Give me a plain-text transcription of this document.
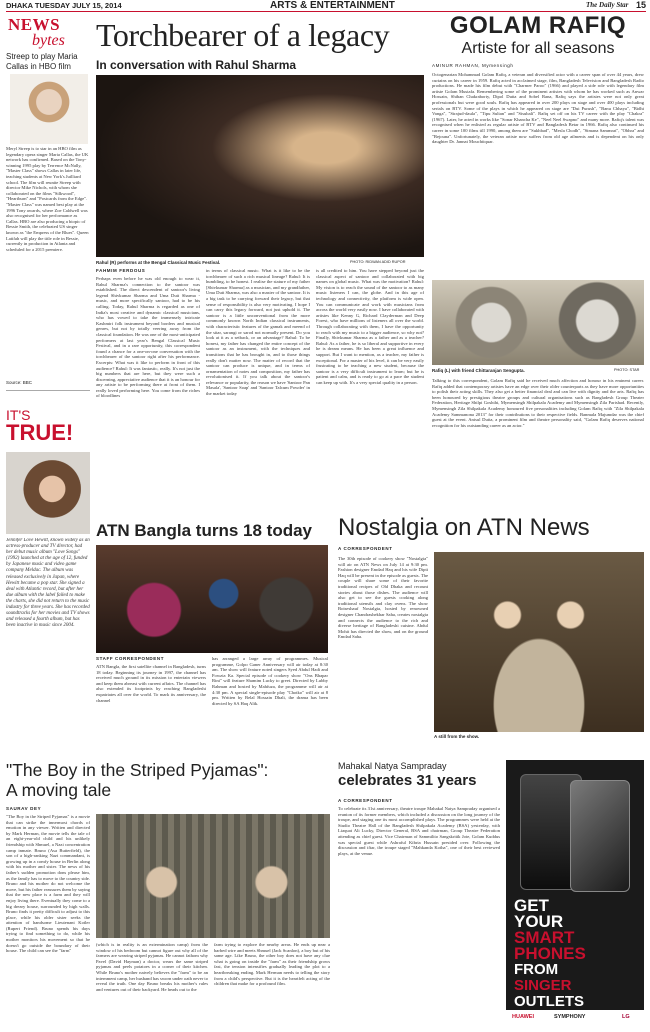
DHAKA TUESDAY JULY 15, 2014	ARTS & ENTERTAINMENT	The Daily Star 15
NEWS
bytes
Streep to play Maria Callas in HBO film
Meryl Streep is to star in an HBO film as legendary opera singer Maria Callas, the UK network has confirmed. Based on the Tony-winning 1995 play by Terrence McNally, "Master Class" shows Callas in later life, teaching students at New York's Juilliard school. The film will reunite Streep with director Mike Nichols, with whom she collaborated on the films "Silkwood", "Heartburn" and "Postcards from the Edge". "Master Class" was named best play at the 1996 Tony awards, where Zoe Caldwell was also recognised for her performance as Callas. HBO are also producing a biopic of Bessie Smith, the celebrated US singer known as "the Empress of the Blues". Queen Latifah will play the title role in Bessie, currently in production in Atlanta and scheduled for a 2015 premiere.
Source: BBC
IT'S
TRUE!
Jennifer Love Hewitt, known widely as an actress-producer and TV director, had her debut music album "Love Songs" (1992) launched at the age of 12, funded by Japanese music and video game company Meldac. The album was released exclusively in Japan, where Hewitt became a pop star. She signed a deal with Atlantic record, but after her due album with the label failed to make the charts, she did not return to the music industry for three years. She has recorded soundtracks for her movies and TV shows and released a fourth album, but has been inactive in music since 2004.
Torchbearer of a legacy
In conversation with Rahul Sharma
Rahul (R) performs at the Bengal Classical Music Festival.	PHOTO: RIDWAN ADID RUPOR
FAHMIM FERDOUS
Perhaps even before he was old enough to wear it, Rahul Sharma's connection to the santoor was established. The direct descendent of santoor's living legend Shivkumar Sharma and Uma Dutt Sharma - music, and more specifically santoor, had to be his calling. Today, Rahul Sharma is regarded as one of India's most creative and dynamic classical musicians, who has vowed to take the immensely intricate Kashmiri folk instrument beyond borders and musical genres, but not by totally veering away from the classical foundation. He was one of the most-anticipated performers at last year's Bengal Classical Music Festival, and in a rare opportunity, this correspondent found a chance for a one-on-one conversation with the torchbearer of the santoor right after his performance. Excerpts: What was it like to perform in front of this audience? Rahul: It was fantastic, really. It's not just the big numbers that are here, but they were such a discerning, appreciative audience that it is an honour for any artiste to be performing there at front of them. I really loved performing here. You come from the riches of bloodlines
in terms of classical music. What is it like to be the torchbearer of such a rich musical lineage? Rahul: It is humbling, to be honest. I realise the stature of my father [Shivkumar Sharma] as a musician, and my grandfather, Uma Dutt Sharma, was also a master of the santoor. It is a big task to be carrying forward their legacy, but that sense of responsibility is also very motivating. I hope I can carry this legacy forward, not just uphold it. The santoor is a little unconventional from the more commonly known North Indian classical instruments, with characteristic features of the gamak and meend of the sitar, sarangi or sarod not normally present. Do you look at it as a setback, or an advantage? Rahul: To be honest, my father has changed the entire concept of the santoor as an instrument, with the techniques and transitions that he has brought in, and to those things really don't matter now. The matter of record that the santoor can produce is unique, and in terms of ornamentation of notes and composition, my father has revolutionised it. If you talk about the santoor's relevance or popularity, the reason we have 'Santoor Pan Masala', 'Santoor Soap' and 'Santoor Talcum Powder' in the market today
is all credited to him. You have stepped beyond just the classical aspect of santoor and collaborated with big names on global music. What was the motivation? Rahul: My vision is to reach the sound of the santoor to as many music listeners I can, the globe. And in this age of technology and connectivity, the platform is wide open. You can communicate and work with musicians from across the world very easily now. I have collaborated with artistes like Kenny G, Richard Clayderman and Deep Forest, who have millions of listeners all over the world. Through collaborating with them, I have the opportunity to reach with my music to a bigger audience, so why not? Finally, Shivkumar Sharma as a father and as a teacher? Rahul: As a father, he is so liberal and supportive in every he is dream means. He has been a great influence and support. But I want to mention, as a teacher, my father is exceptional. For a master of his level, it can be very easily frustrating to be teaching a new student, because the santoor is a very difficult instrument to learn; but he is patient and calm, and is ready to go at a pace the student can keep up with. It's a very special quality in a person.
GOLAM RAFIQ
Artiste for all seasons
AMINUR RAHMAN, Mymensingh
Octogenarian Mohammad Golam Rafiq, a veteran and diversified actor with a career span of over 44 years, drew curtains on his career in 1959. Rafiq acted in acclaimed stage, film, Bangladesh Television and Bangladesh Radio productions. He made his film debut with "Charmer Paroo" (1966) and played a side role with legendary film artiste Golam Mustafa. Remembering some of the prominent artistes with whom he has worked such as Anwar Hossain, Shiban Chakraborty, Dipol Dutta and Sobel Rana, Rafiq says the artistes were not only great professionals but were good souls. Rafiq has appeared in over 200 plays on stage and over 400 plays including serials on BTV. Some of the plays in which he appeared on stage are "Dui Purush", "Banu Chhaya", "Bidhi Vanga", "Sirajud-daula", "Tipu Sultan" and "Sisubali". Rafiq set off on his TV career with the play "Chakra" (1967). Later, he acted in works like "Sonar Khancha Ke", "Neel Neel Swapno" and many more. Rafiq's talent was recognised when he enlisted as regular artiste of BTV and Bangladesh Betar in 1966. Rafiq also continued his career in some 100 films till 1990, among them are "Sukhbad", "Mesla Chodh", "Simana Sammrat", "Obhra" and "Bejouna". Unfortunately, the veteran artiste now suffers from old age ailments and is dependent on his only daughter Dr. Jannat Mouchtiquar.
Rafiq (L) with friend Chittaranjan Sengupta.	PHOTO: STAR
Talking to this correspondent, Golam Rafiq said he received much affection and honour in his eminent career. Rafiq added that contemporary artistes have an edge over their older counterparts as they have more opportunities to polish their acting skills. They also get a better financial deal and can live with dignity and the arts. Rafiq has been honoured by prestigious theatre groups and cultural organisations such as Bangladesh Group Theater Federation, Heritage Shilpi Goshthi, Mymensingh Shilpakala Academy and Mymensingh Zila Parishad. Recently, Mymensingh Zila Shilpakala Academy honoured five personalities including Golam Rafiq with "Zila Shilpakala Academy Sammanona 2013" for their contributions to their respective fields. Banmala Majumdar was the chief guest at the event. Anisul Dutta, a prominent film and theatre personality said, "Golam Rafiq deserves national recognition for his outstanding career as an actor."
ATN Bangla turns 18 today
STAFF CORRESPONDENT
ATN Bangla, the first satellite channel in Bangladesh, turns 18 today. Beginning its journey in 1997, the channel has received much ground in its mission to entertain viewers and keep them abreast with current affairs. The channel has also extended its footprints by reaching Bangladeshi expatriates all over the world. To mark its anniversary, the channel
has arranged a large array of programmes. Musical programme, Golpo Ganer Anniversary will air today at 8:30 am. The show will feature noted singers Syed Abdul Hadi and Fowzia Ka. Special episode of cookery show "Ons Bhapar Rini" will feature Shamim Lucky to greet. Directed by Lubby Rahman and hosted by Mahfuza, the programme will air at 4:30 pm. A special single-episode play "Chotko" will air at 8 pm. Written by Belal Hossain Dhali, the drama has been directed by SA Haq Alik.
Nostalgia on ATN News
A CORRESPONDENT
The 30th episode of cookery show "Nostalgia" will air on ATN News on July 14 at 9:30 pm. Fashion designer Emdad Haq and his wife Dipti Haq will be present in the episode as guests. The couple will share some of their favorite traditional recipes of Old Dhaka and recount stories about those dishes. The audience will also get to see the guests cooking along traditional utensils and clay ovens. The show Boiseshauf Nostalgia, hosted by renowned designer Chandrashekhar Saha, creates nostalgia and connects the audience to the rich and diverse heritage of Bangladeshi cuisine. Abdul Mohit has directed the show, and on the ground Emdad Saha.
A still from the show.
"The Boy in the Striped Pyjamas":
A moving tale
SAURAV DEY
"The Boy in the Striped Pyjamas" is a movie that can strike the innermost chords of emotion in any viewer. Written and directed by Mark Herman, the movie tells the tale of an eight-year-old child and his unlikely friendship with Shmuel, a Nazi concentration camp inmate. Bruno (Asa Butterfield), the son of a high-ranking Nazi commandant, is growing up in a comfy house in Berlin along with his mother and sister. The news of his father's sudden promotion dons please him, as the family has to move to the country side. Bruno and his mother do not welcome the move, but his father reassures them by saying that the new place is a farm and they will enjoy living there. Eventually they come to a big dreary house, surrounded by high walls. Bruno finds it pretty difficult to adjust to this place, while his older sister seeks the attention of handsome Lieutenant Kotler (Rupert Friend). Bruno spends his days trying to find something to do, while his mother monitors his movement so that he doesn't go outside the boundary of their house. The child can see the "farm"
(which is in reality is an extermination camp) from the window of his bedroom but cannot figure out why all of the farmers are wearing striped pyjamas. He cannot fathom why Pavel (David Hayman) a doctor, wears the same striped pyjamas and peels potatoes in a corner of their kitchen. While Bruno's mother naively believes the "farm" to be an internment camp, her husband has sworn under oath never to reveal the truth. One day Bruno breaks his mother's rules and ventures out of their backyard. He heads out to the
farm trying to explore the nearby areas. He ends up near a barbed wire and meets Shmuel (Jack Scanlon), a boy but of his same age. Like Bruno, the other boy does not have any clue what is going on inside the "farm" as their friendship grows fast, the tension intensifies gradually leading the plot to a heartbreaking ending. Mark Herman needs to telling the story from a child's perspective. But it is the heartfelt acting of the children that make for a profound film.
Mahakal Natya Sampraday
celebrates 31 years
A CORRESPONDENT
To celebrate its 31st anniversary, theatre troupe Mahakal Natya Sampraday organised a reunion of its former members, which included a discussion on the long journey of the troupe, and staging one its most accomplished plays. The programmes were held at the Studio Theatre Hall of the Bangladesh Shilpakala Academy (BSA) yesterday, with Liaquat Ali Lucky, Director General, BSA and chairman, Group Theatre Federation attending as chief guest. Vice Chairman of Sammilito Sangskritik Jote, Golam Kuddus was special guest while Ashraful Kibria Hussain presided over. Following the discussion and iftar, the troupe staged "Mahkanda Kotha", one of their best reviewed plays, at the venue.
GET
YOUR
SMART
PHONES
FROM
SINGER
OUTLETS
HUAWEI	SYMPHONY	LG
